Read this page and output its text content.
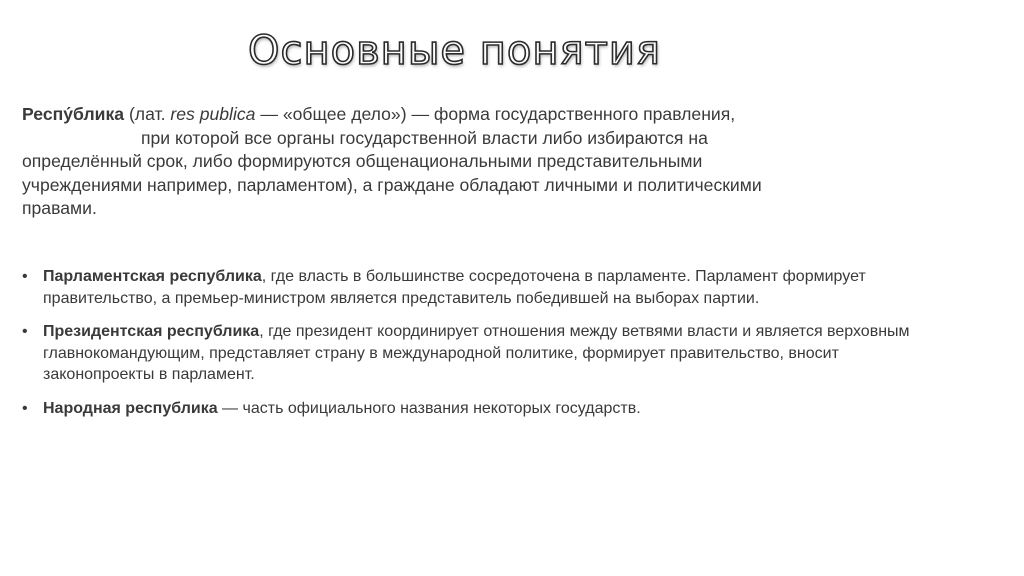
Основные понятия
Респу́блика (лат. res publica — «общее дело») — форма государственного правления,
при которой все органы государственной власти либо избираются на
определённый срок, либо формируются общенациональными представительными
учреждениями например, парламентом), а граждане обладают личными и политическими
правами.
• Парламентская республика, где власть в большинстве сосредоточена в парламенте. Парламент формирует правительство, а премьер-министром является представитель победившей на выборах партии.
• Президентская республика, где президент координирует отношения между ветвями власти и является верховным главнокомандующим, представляет страну в международной политике, формирует правительство, вносит законопроекты в парламент.
• Народная республика — часть официального названия некоторых государств.
